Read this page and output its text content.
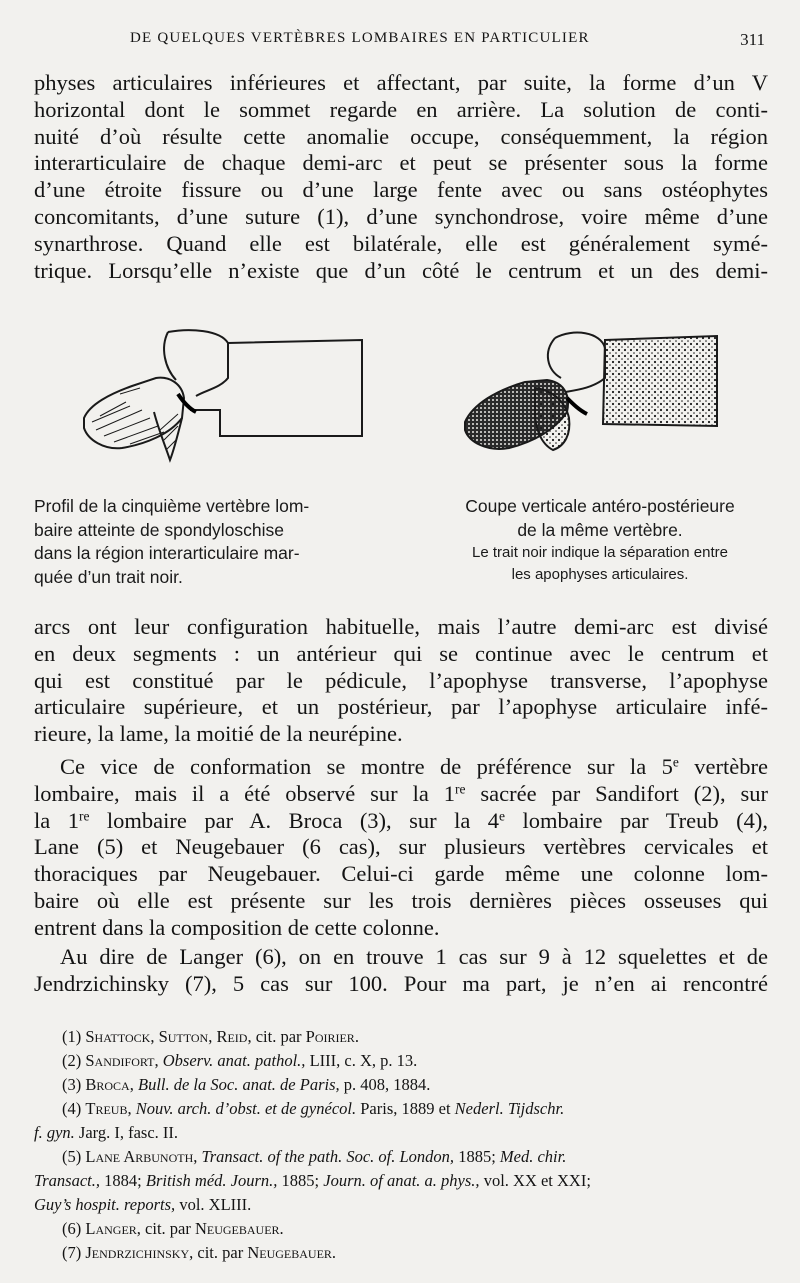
DE QUELQUES VERTÈBRES LOMBAIRES EN PARTICULIER	311
physes articulaires inférieures et affectant, par suite, la forme d’un V
horizontal dont le sommet regarde en arrière. La solution de conti-
nuité d’où résulte cette anomalie occupe, conséquemment, la région
interarticulaire de chaque demi-arc et peut se présenter sous la forme
d’une étroite fissure ou d’une large fente avec ou sans ostéophytes
concomitants, d’une suture (1), d’une synchondrose, voire même d’une
synarthrose. Quand elle est bilatérale, elle est généralement symé-
trique. Lorsqu’elle n’existe que d’un côté le centrum et un des demi-
Profil de la cinquième vertèbre lom-
baire atteinte de spondyloschise
dans la région interarticulaire mar-
quée d’un trait noir.
Coupe verticale antéro-postérieure
de la même vertèbre.
Le trait noir indique la séparation entre
les apophyses articulaires.
arcs ont leur configuration habituelle, mais l’autre demi-arc est divisé
en deux segments : un antérieur qui se continue avec le centrum et
qui est constitué par le pédicule, l’apophyse transverse, l’apophyse
articulaire supérieure, et un postérieur, par l’apophyse articulaire infé-
rieure, la lame, la moitié de la neurépine.
Ce vice de conformation se montre de préférence sur la 5e vertèbre
lombaire, mais il a été observé sur la 1re sacrée par Sandifort (2), sur
la 1re lombaire par A. Broca (3), sur la 4e lombaire par Treub (4),
Lane (5) et Neugebauer (6 cas), sur plusieurs vertèbres cervicales et
thoraciques par Neugebauer. Celui-ci garde même une colonne lom-
baire où elle est présente sur les trois dernières pièces osseuses qui
entrent dans la composition de cette colonne.
Au dire de Langer (6), on en trouve 1 cas sur 9 à 12 squelettes et de
Jendrzichinsky (7), 5 cas sur 100. Pour ma part, je n’en ai rencontré
(1) Shattock, Sutton, Reid, cit. par Poirier.
(2) Sandifort, Observ. anat. pathol., LIII, c. X, p. 13.
(3) Broca, Bull. de la Soc. anat. de Paris, p. 408, 1884.
(4) Treub, Nouv. arch. d’obst. et de gynécol. Paris, 1889 et Nederl. Tijdschr.
f. gyn. Jarg. I, fasc. II.
(5) Lane Arbunoth, Transact. of the path. Soc. of. London, 1885; Med. chir.
Transact., 1884; British méd. Journ., 1885; Journ. of anat. a. phys., vol. XX et XXI;
Guy’s hospit. reports, vol. XLIII.
(6) Langer, cit. par Neugebauer.
(7) Jendrzichinsky, cit. par Neugebauer.
